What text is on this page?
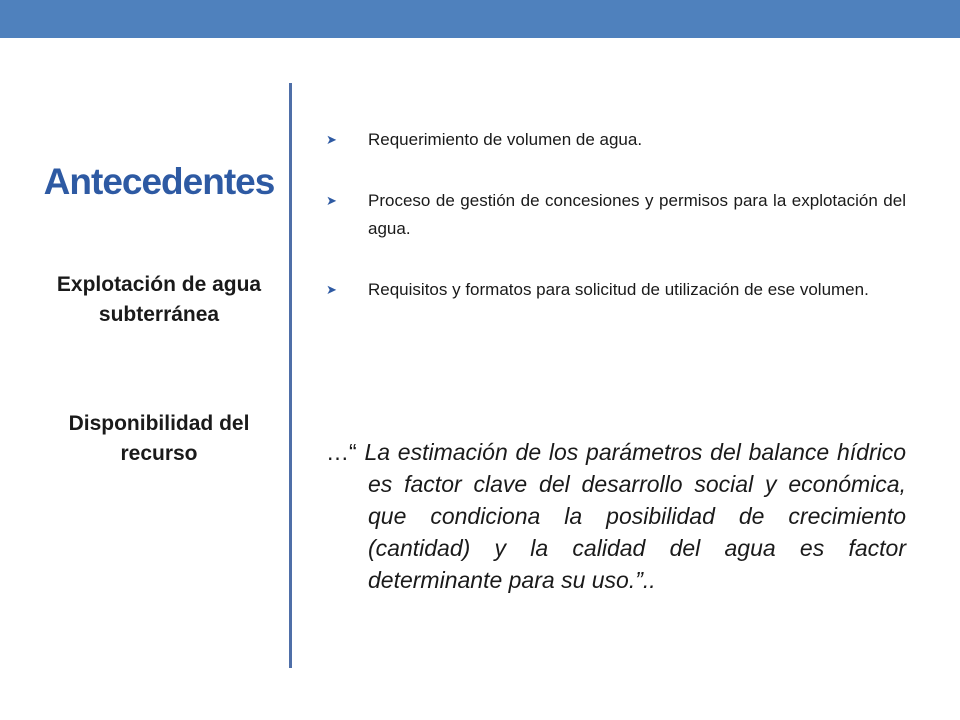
Antecedentes

Explotación de agua subterránea

Disponibilidad del recurso

➤ Requerimiento de volumen de agua.
➤ Proceso de gestión de concesiones y permisos para la explotación del agua.
➤ Requisitos y formatos para solicitud de utilización de ese volumen.
…“ La estimación de los parámetros del balance hídrico es factor clave del desarrollo social y económica, que condiciona la posibilidad de crecimiento (cantidad) y la calidad del agua es factor determinante para su uso.”..
